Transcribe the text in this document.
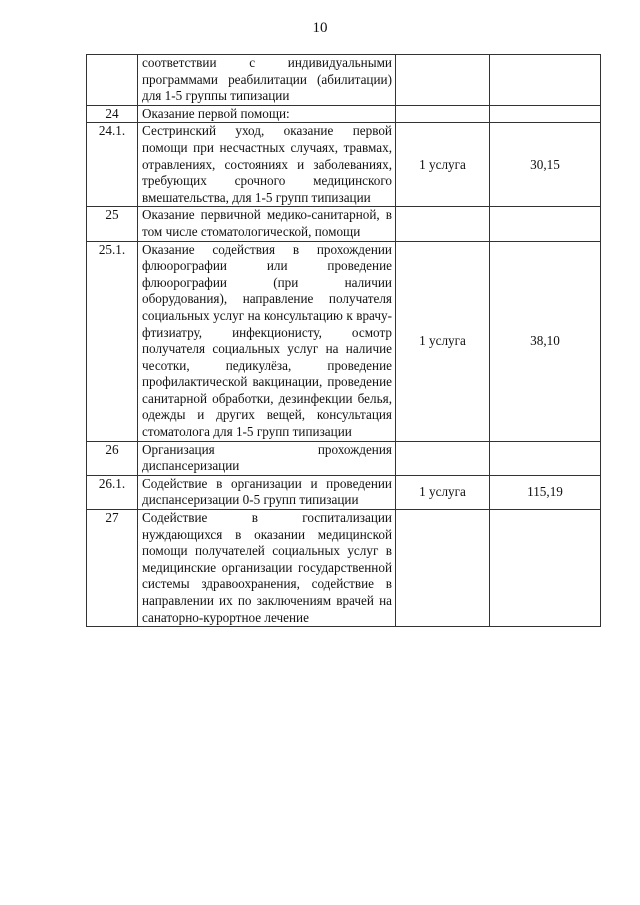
10

	соответствии с индивидуальными программами реабилитации (абилитации) для 1-5 группы типизации		

24	Оказание первой помощи:		

24.1.	Сестринский уход, оказание первой помощи при несчастных случаях, травмах, отравлениях, состояниях и заболеваниях, требующих срочного медицинского вмешательства, для 1-5 групп типизации	1 услуга	30,15
25	Оказание первичной медико-санитарной, в том числе стоматологической, помощи		

25.1.	Оказание содействия в прохождении флюорографии или проведение флюорографии (при наличии оборудования), направление получателя социальных услуг на консультацию к врачу-фтизиатру, инфекционисту, осмотр получателя социальных услуг на наличие чесотки, педикулёза, проведение профилактической вакцинации, проведение санитарной обработки, дезинфекции белья, одежды и других вещей, консультация стоматолога для 1-5 групп типизации	1 услуга	38,10
26	Организация прохождения диспансеризации		

26.1.	Содействие в организации и проведении диспансеризации 0-5 групп типизации	1 услуга	115,19
27	Содействие в госпитализации нуждающихся в оказании медицинской помощи получателей социальных услуг в медицинские организации государственной системы здравоохранения, содействие в направлении их по заключениям врачей на санаторно-курортное лечение		
